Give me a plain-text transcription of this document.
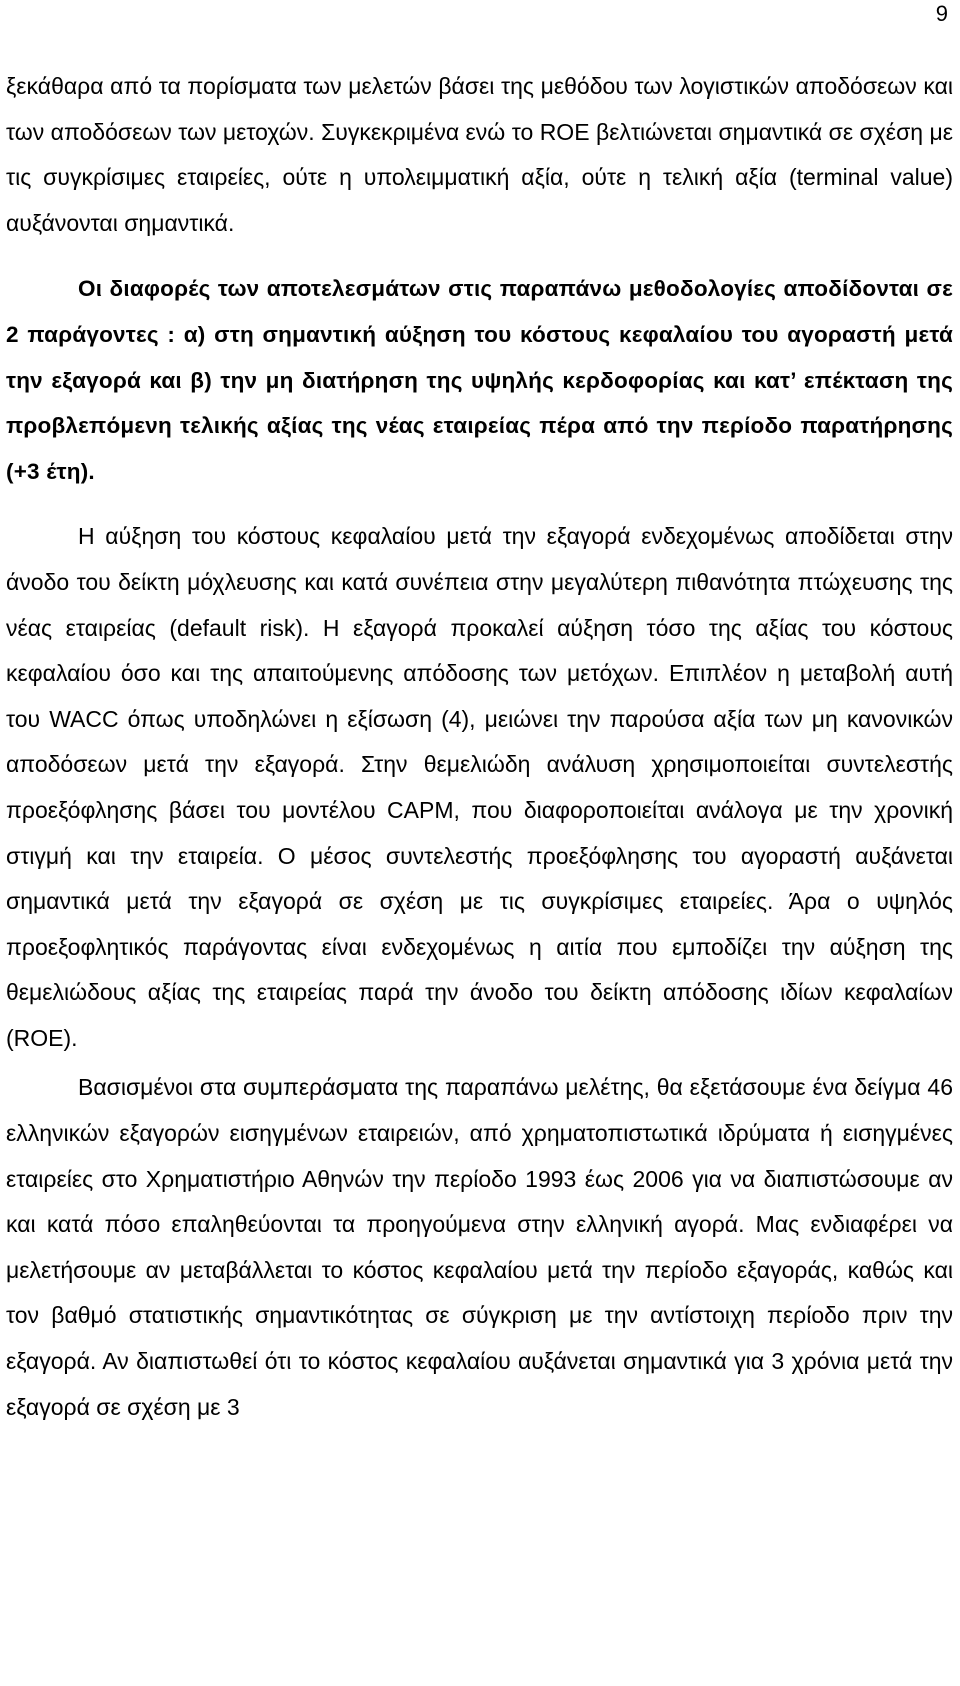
9

ξεκάθαρα από τα πορίσματα των μελετών βάσει της μεθόδου των λογιστικών αποδόσεων και των αποδόσεων των μετοχών. Συγκεκριμένα ενώ το ROE βελτιώνεται σημαντικά σε σχέση με τις συγκρίσιμες εταιρείες, ούτε η υπολειμματική αξία, ούτε η τελική αξία (terminal value) αυξάνονται σημαντικά.

Οι διαφορές των αποτελεσμάτων στις παραπάνω μεθοδολογίες αποδίδονται σε 2 παράγοντες : α) στη σημαντική αύξηση του κόστους κεφαλαίου του αγοραστή μετά την εξαγορά και β) την μη διατήρηση της υψηλής κερδοφορίας και κατ’ επέκταση της προβλεπόμενη τελικής αξίας της νέας εταιρείας πέρα από την περίοδο παρατήρησης (+3 έτη).

Η αύξηση του κόστους κεφαλαίου μετά την εξαγορά ενδεχομένως αποδίδεται στην άνοδο του δείκτη μόχλευσης και κατά συνέπεια στην μεγαλύτερη πιθανότητα πτώχευσης της νέας εταιρείας (default risk). Η εξαγορά προκαλεί αύξηση τόσο της αξίας του κόστους κεφαλαίου όσο και της απαιτούμενης απόδοσης των μετόχων. Επιπλέον η μεταβολή αυτή του WACC όπως υποδηλώνει η εξίσωση (4), μειώνει την παρούσα αξία των μη κανονικών αποδόσεων μετά την εξαγορά. Στην θεμελιώδη ανάλυση χρησιμοποιείται συντελεστής προεξόφλησης βάσει του μοντέλου CAPM, που διαφοροποιείται ανάλογα με την χρονική στιγμή και την εταιρεία. Ο μέσος συντελεστής προεξόφλησης του αγοραστή αυξάνεται σημαντικά μετά την εξαγορά σε σχέση με τις συγκρίσιμες εταιρείες. Άρα ο υψηλός προεξοφλητικός παράγοντας είναι ενδεχομένως η αιτία που εμποδίζει την αύξηση της θεμελιώδους αξίας της εταιρείας παρά την άνοδο του δείκτη απόδοσης ιδίων κεφαλαίων (ROE).

Βασισμένοι στα συμπεράσματα της παραπάνω μελέτης, θα εξετάσουμε ένα δείγμα 46 ελληνικών εξαγορών εισηγμένων εταιρειών, από χρηματοπιστωτικά ιδρύματα ή εισηγμένες εταιρείες στο Χρηματιστήριο Αθηνών την περίοδο 1993 έως 2006 για να διαπιστώσουμε αν και κατά πόσο επαληθεύονται τα προηγούμενα στην ελληνική αγορά. Μας ενδιαφέρει να μελετήσουμε αν μεταβάλλεται το κόστος κεφαλαίου μετά την περίοδο εξαγοράς, καθώς και τον βαθμό στατιστικής σημαντικότητας σε σύγκριση με την αντίστοιχη περίοδο πριν την εξαγορά. Αν διαπιστωθεί ότι το κόστος κεφαλαίου αυξάνεται σημαντικά για 3 χρόνια μετά την εξαγορά σε σχέση με 3
